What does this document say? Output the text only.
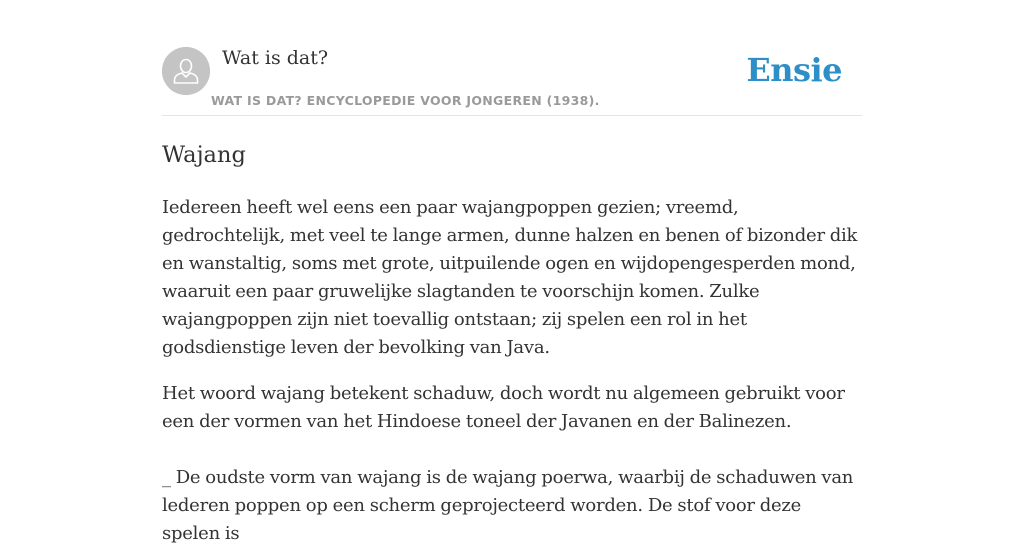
Wat is dat?
WAT IS DAT? ENCYCLOPEDIE VOOR JONGEREN (1938).
Ensie
Wajang

Iedereen heeft wel eens een paar wajangpoppen gezien; vreemd, gedrochtelijk, met veel te lange armen, dunne halzen en benen of bizonder dik en wanstaltig, soms met grote, uitpuilende ogen en wijdopengesperden mond, waaruit een paar gruwelijke slagtanden te voorschijn komen. Zulke wajangpoppen zijn niet toevallig ontstaan; zij spelen een rol in het godsdienstige leven der bevolking van Java.

Het woord wajang betekent schaduw, doch wordt nu algemeen gebruikt voor een der vormen van het Hindoese toneel der Javanen en der Balinezen.

_ De oudste vorm van wajang is de wajang poerwa, waarbij de schaduwen van lederen poppen op een scherm geprojecteerd worden. De stof voor deze spelen is
